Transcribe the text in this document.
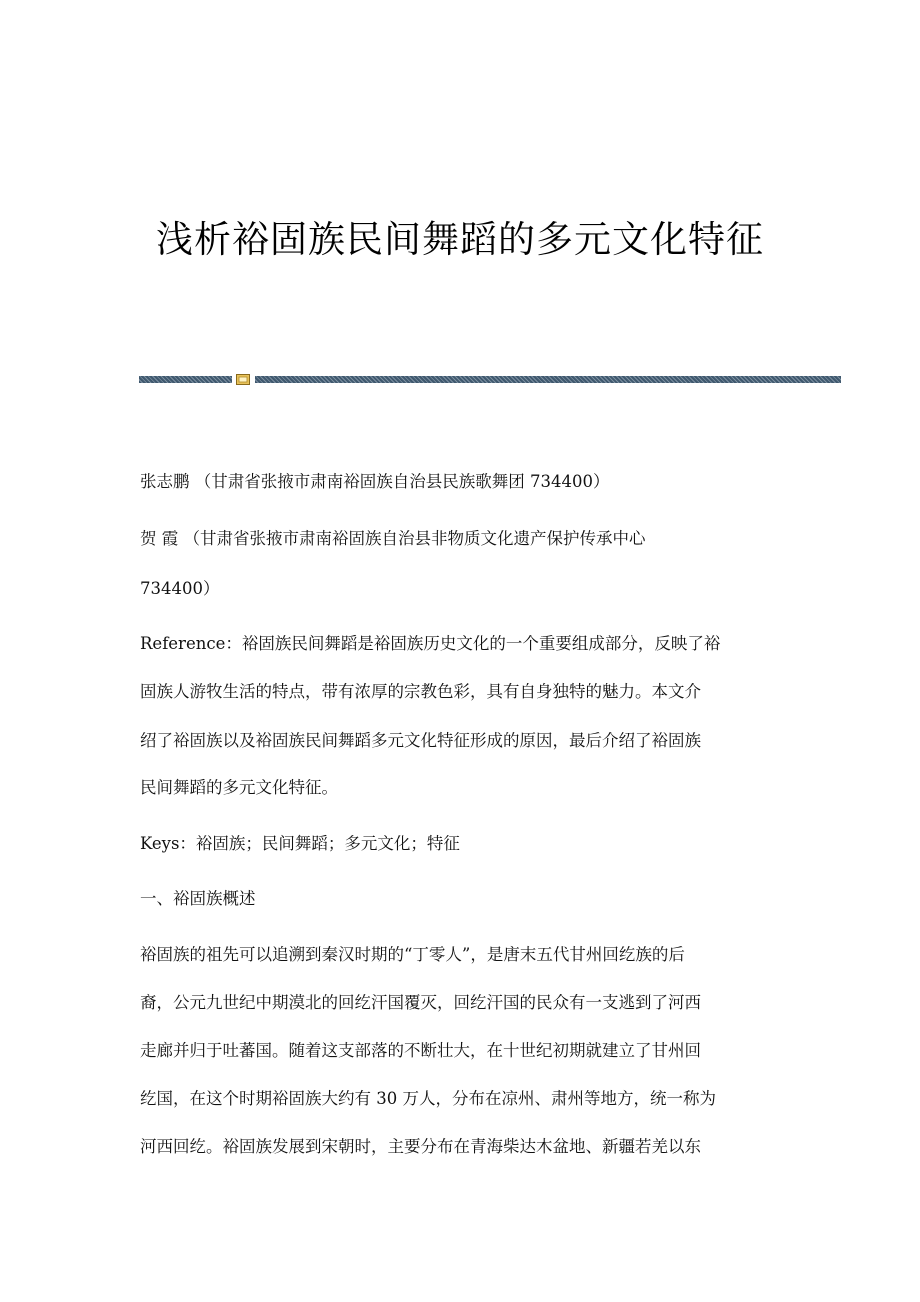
浅析裕固族民间舞蹈的多元文化特征
张志鹏 （甘肃省张掖市肃南裕固族自治县民族歌舞团 734400）
贺 霞 （甘肃省张掖市肃南裕固族自治县非物质文化遗产保护传承中心
734400）
Reference：裕固族民间舞蹈是裕固族历史文化的一个重要组成部分，反映了裕
固族人游牧生活的特点，带有浓厚的宗教色彩，具有自身独特的魅力。本文介
绍了裕固族以及裕固族民间舞蹈多元文化特征形成的原因，最后介绍了裕固族
民间舞蹈的多元文化特征。
Keys：裕固族；民间舞蹈；多元文化；特征
一、裕固族概述
裕固族的祖先可以追溯到秦汉时期的“丁零人”，是唐末五代甘州回纥族的后
裔，公元九世纪中期漠北的回纥汗国覆灭，回纥汗国的民众有一支逃到了河西
走廊并归于吐蕃国。随着这支部落的不断壮大，在十世纪初期就建立了甘州回
纥国，在这个时期裕固族大约有 30 万人，分布在凉州、肃州等地方，统一称为
河西回纥。裕固族发展到宋朝时，主要分布在青海柴达木盆地、新疆若羌以东
